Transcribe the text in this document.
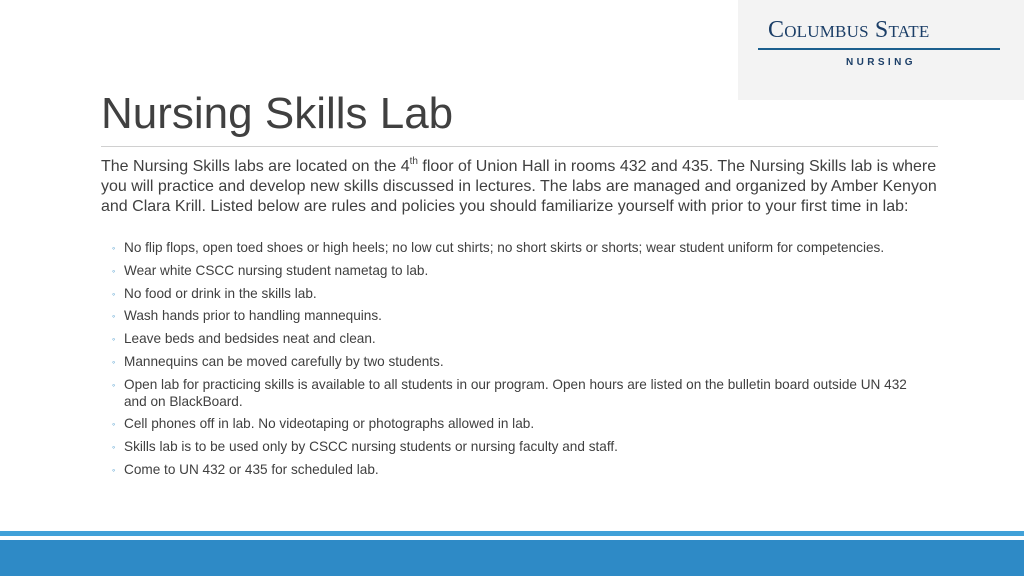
Columbus State
NURSING
Nursing Skills Lab

The Nursing Skills labs are located on the 4th floor of Union Hall in rooms 432 and 435. The Nursing Skills lab is where you will practice and develop new skills discussed in lectures. The labs are managed and organized by Amber Kenyon and Clara Krill. Listed below are rules and policies you should familiarize yourself with prior to your first time in lab:

◦ No flip flops, open toed shoes or high heels; no low cut shirts; no short skirts or shorts; wear student uniform for competencies.
◦ Wear white CSCC nursing student nametag to lab.
◦ No food or drink in the skills lab.
◦ Wash hands prior to handling mannequins.
◦ Leave beds and bedsides neat and clean.
◦ Mannequins can be moved carefully by two students.
◦ Open lab for practicing skills is available to all students in our program. Open hours are listed on the bulletin board outside UN 432 and on BlackBoard.
◦ Cell phones off in lab. No videotaping or photographs allowed in lab.
◦ Skills lab is to be used only by CSCC nursing students or nursing faculty and staff.
◦ Come to UN 432 or 435 for scheduled lab.
